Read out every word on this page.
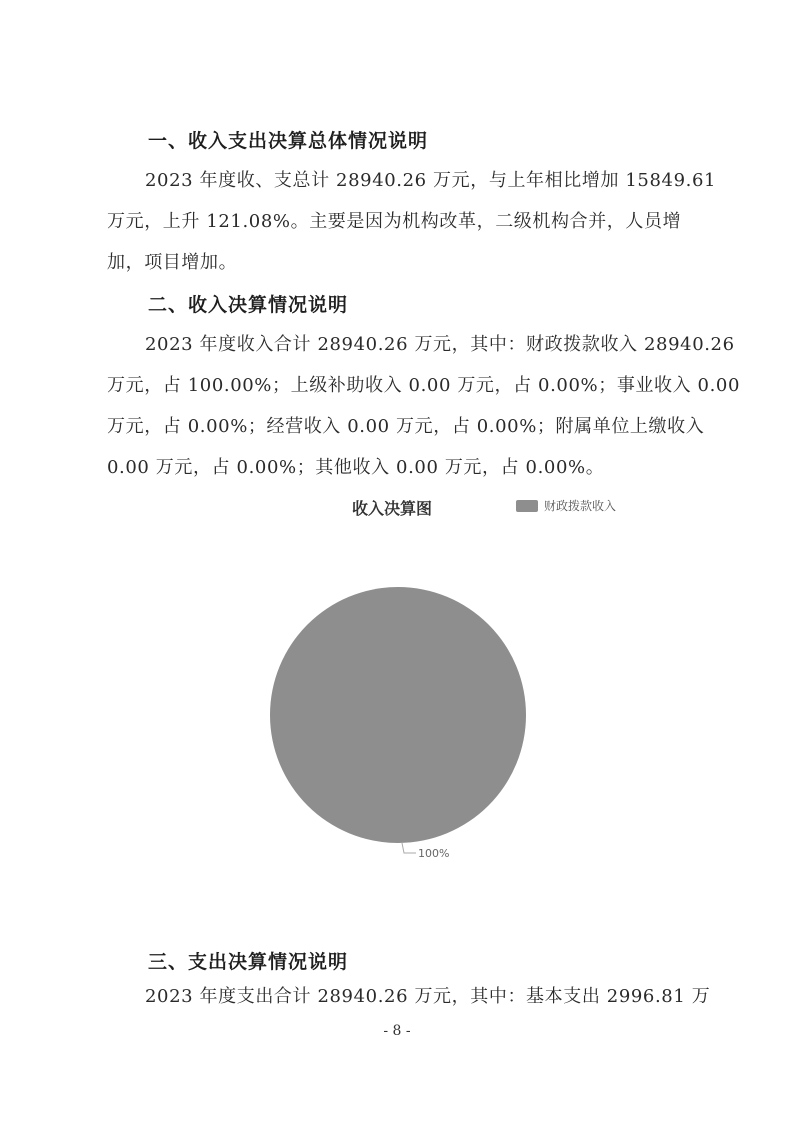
一、收入支出决算总体情况说明
2023 年度收、支总计 28940.26 万元，与上年相比增加 15849.61
万元，上升 121.08%。主要是因为机构改革，二级机构合并，人员增
加，项目增加。
二、收入决算情况说明
2023 年度收入合计 28940.26 万元，其中：财政拨款收入 28940.26
万元，占 100.00%；上级补助收入 0.00 万元，占 0.00%；事业收入 0.00
万元，占 0.00%；经营收入 0.00 万元，占 0.00%；附属单位上缴收入
0.00 万元，占 0.00%；其他收入 0.00 万元，占 0.00%。
收入决算图	财政拨款收入
100%
三、支出决算情况说明
2023 年度支出合计 28940.26 万元，其中：基本支出 2996.81 万
- 8 -
